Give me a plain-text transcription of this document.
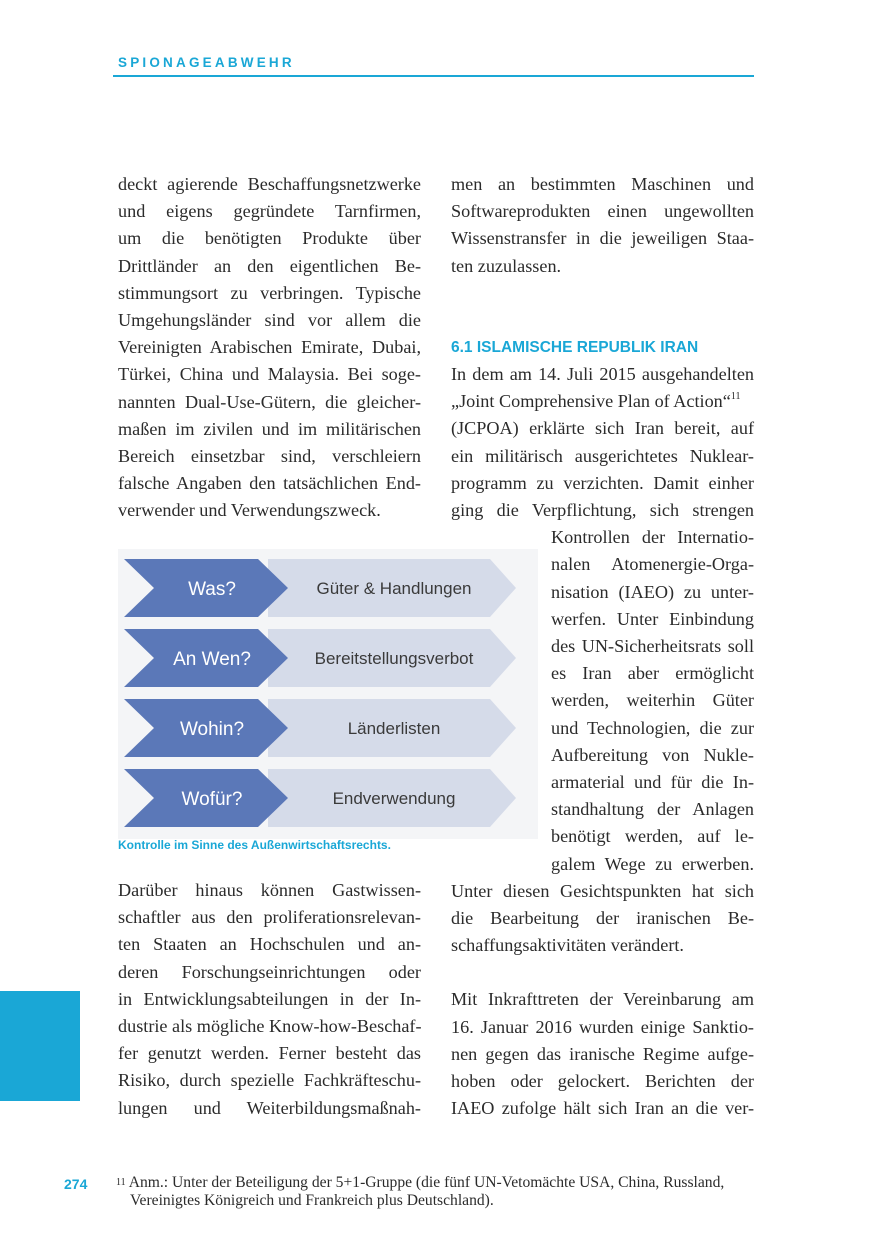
SPIONAGEABWEHR

deckt agierende Beschaffungsnetzwerke
und eigens gegründete Tarnfirmen,
um die benötigten Produkte über
Drittländer an den eigentlichen Be-
stimmungsort zu verbringen. Typische
Umgehungsländer sind vor allem die
Vereinigten Arabischen Emirate, Dubai,
Türkei, China und Malaysia. Bei soge-
nannten Dual-Use-Gütern, die gleicher-
maßen im zivilen und im militärischen
Bereich einsetzbar sind, verschleiern
falsche Angaben den tatsächlichen End-
verwender und Verwendungszweck.

Was?	Güter & Handlungen
An Wen?	Bereitstellungsverbot
Wohin?	Länderlisten
Wofür?	Endverwendung
Kontrolle im Sinne des Außenwirtschaftsrechts.

Darüber hinaus können Gastwissen-
schaftler aus den proliferationsrelevan-
ten Staaten an Hochschulen und an-
deren Forschungseinrichtungen oder
in Entwicklungsabteilungen in der In-
dustrie als mögliche Know-how-Beschaf-
fer genutzt werden. Ferner besteht das
Risiko, durch spezielle Fachkräfteschu-
lungen und Weiterbildungsmaßnah-

men an bestimmten Maschinen und
Softwareprodukten einen ungewollten
Wissenstransfer in die jeweiligen Staa-
ten zuzulassen.

6.1 ISLAMISCHE REPUBLIK IRAN

In dem am 14. Juli 2015 ausgehandelten
„Joint Comprehensive Plan of Action“$^{11}$
(JCPOA) erklärte sich Iran bereit, auf
ein militärisch ausgerichtetes Nuklear-
programm zu verzichten. Damit einher
ging die Verpflichtung, sich strengen

Kontrollen der Internatio-
nalen Atomenergie-Orga-
nisation (IAEO) zu unter-
werfen. Unter Einbindung
des UN-Sicherheitsrats soll
es Iran aber ermöglicht
werden, weiterhin Güter
und Technologien, die zur
Aufbereitung von Nukle-
armaterial und für die In-
standhaltung der Anlagen
benötigt werden, auf le-
galem Wege zu erwerben.

Unter diesen Gesichtspunkten hat sich
die Bearbeitung der iranischen Be-
schaffungsaktivitäten verändert.

Mit Inkrafttreten der Vereinbarung am
16. Januar 2016 wurden einige Sanktio-
nen gegen das iranische Regime aufge-
hoben oder gelockert. Berichten der
IAEO zufolge hält sich Iran an die ver-

274	$^{11}$ Anm.: Unter der Beteiligung der 5+1-Gruppe (die fünf UN-Vetomächte USA, China, Russland,
Vereinigtes Königreich und Frankreich plus Deutschland).
